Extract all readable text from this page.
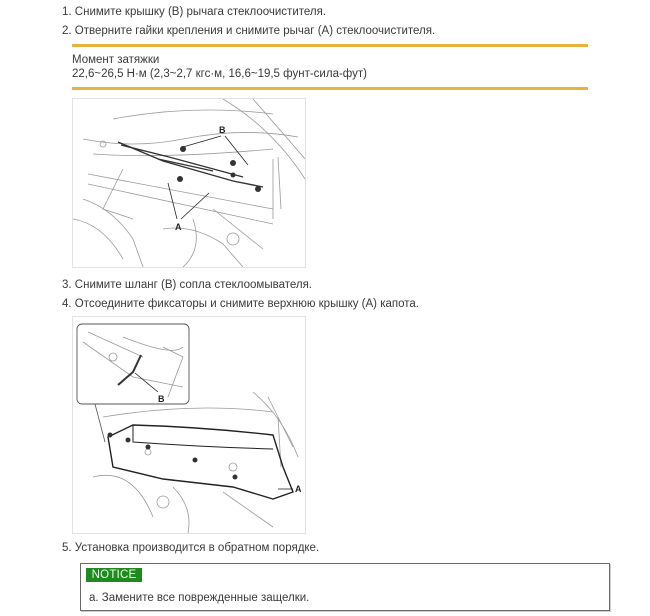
1. Снимите крышку (B) рычага стеклоочистителя.
2. Отверните гайки крепления и снимите рычаг (A) стеклоочистителя.
Момент затяжки
22,6~26,5 Н·м (2,3~2,7 кгс·м, 16,6~19,5 фунт-сила-фут)
B
A
3. Снимите шланг (B) сопла стеклоомывателя.
4. Отсоедините фиксаторы и снимите верхнюю крышку (A) капота.
B
A
5. Установка производится в обратном порядке.
NOTICE
a. Замените все поврежденные защелки.
